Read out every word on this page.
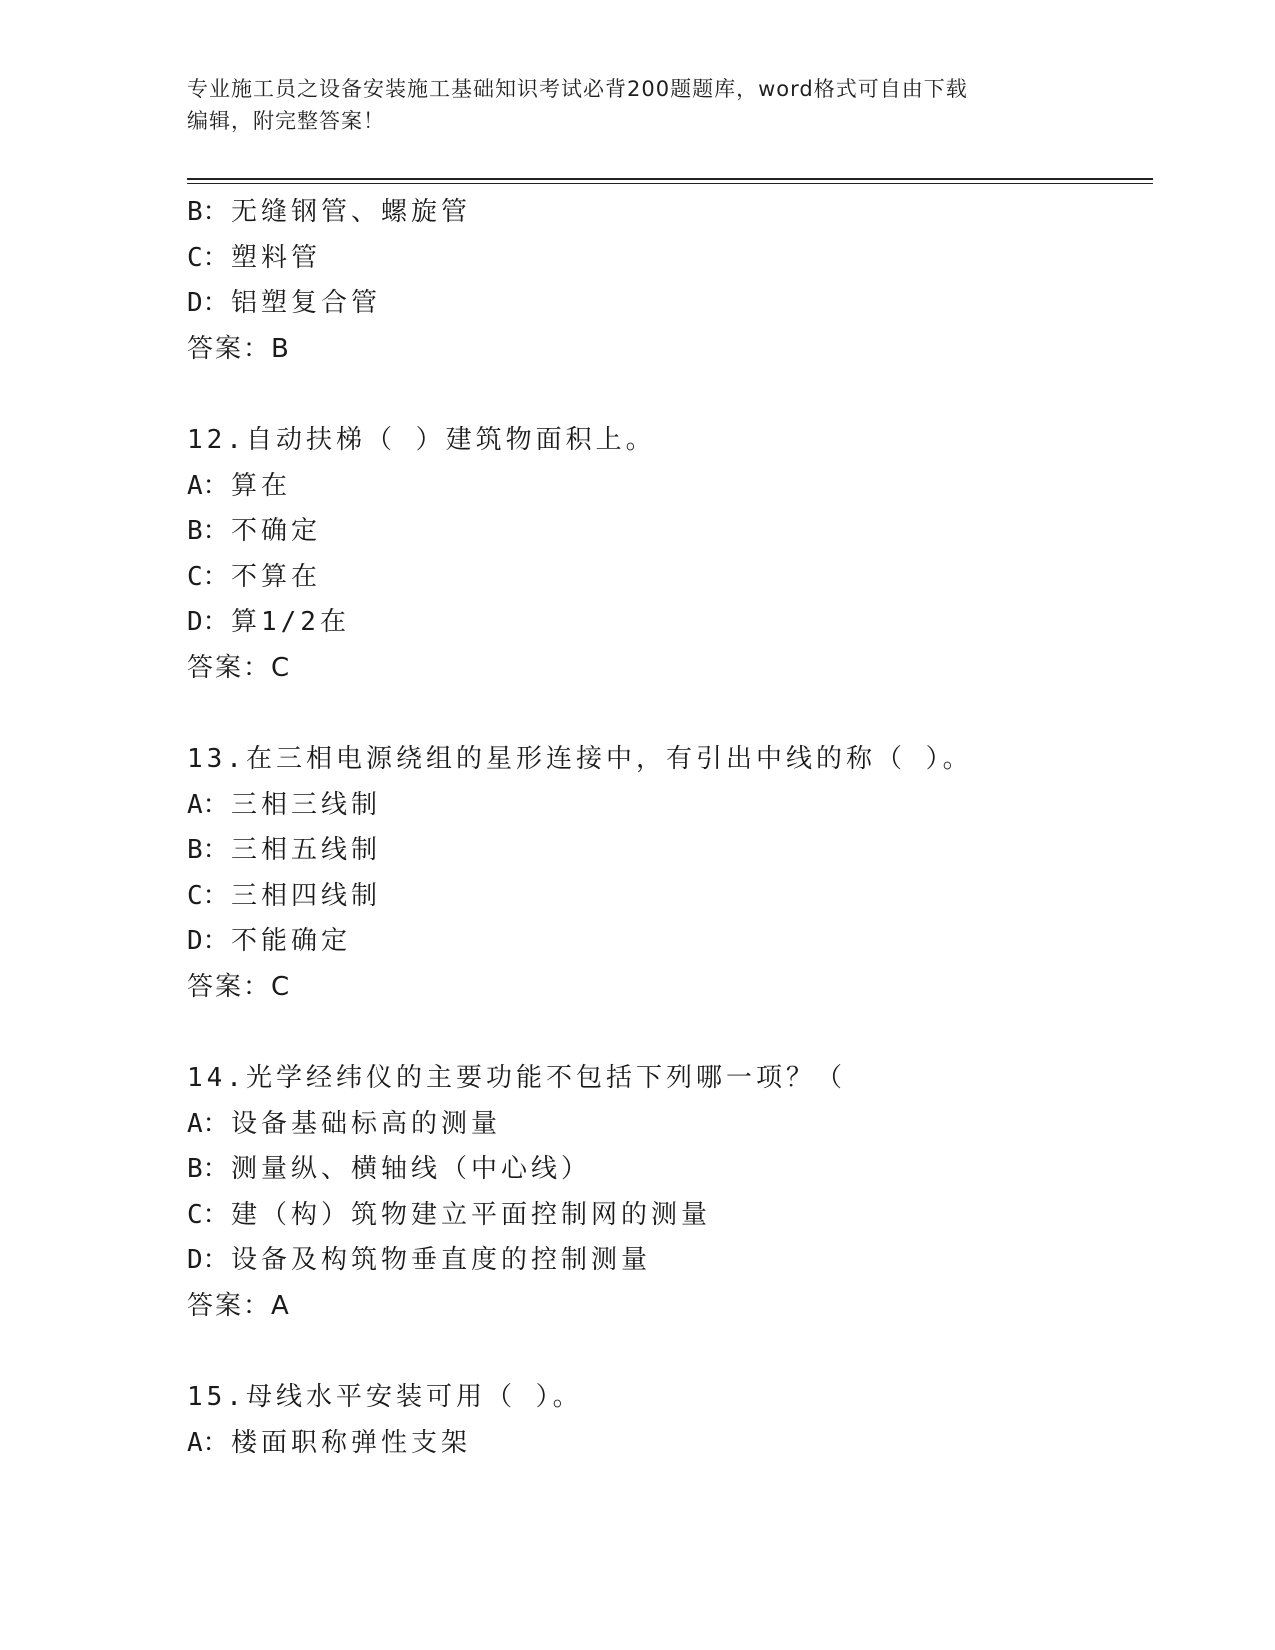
专业施工员之设备安装施工基础知识考试必背200题题库，word格式可自由下载
编辑，附完整答案！
B：无缝钢管、螺旋管
C：塑料管
D：铝塑复合管
答案：B
12.自动扶梯（ ）建筑物面积上。
A：算在
B：不确定
C：不算在
D：算1/2在
答案：C
13.在三相电源绕组的星形连接中，有引出中线的称（ ）。
A：三相三线制
B：三相五线制
C：三相四线制
D：不能确定
答案：C
14.光学经纬仪的主要功能不包括下列哪一项？（
A：设备基础标高的测量
B：测量纵、横轴线（中心线）
C：建（构）筑物建立平面控制网的测量
D：设备及构筑物垂直度的控制测量
答案：A
15.母线水平安装可用（ ）。
A：楼面职称弹性支架
